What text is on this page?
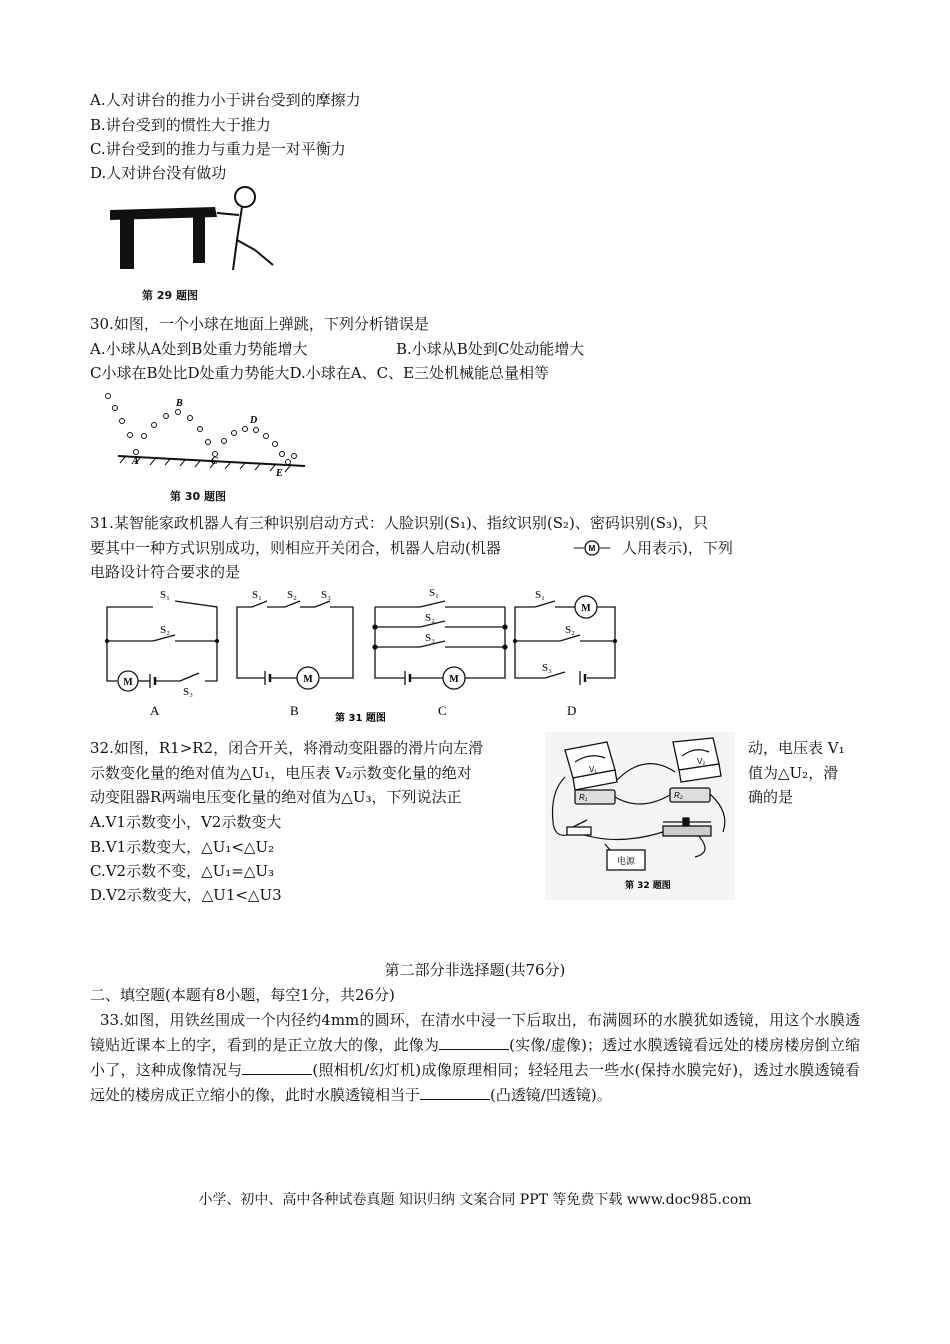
A.人对讲台的推力小于讲台受到的摩擦力
B.讲台受到的惯性大于推力
C.讲台受到的推力与重力是一对平衡力
D.人对讲台没有做功
第 29 题图
30.如图，一个小球在地面上弹跳，下列分析错误是
A.小球从A处到B处重力势能增大	B.小球从B处到C处动能增大
C小球在B处比D处重力势能大D.小球在A、C、E三处机械能总量相等
A
B
C
D
E
第 30 题图
31.某智能家政机器人有三种识别启动方式：人脸识别(S₁)、指纹识别(S₂)、密码识别(S₃)，只
要其中一种方式识别成功，则相应开关闭合，机器人启动(机器	M 人用表示)，下列
电路设计符合要求的是
S₁
S₂
S₃
M
A
S₁ S₂ S₃
M
B
S₁
S₂
S₃
M
C
S₁
S₂
S₃
M
D
第 31 题图
32.如图，R1>R2，闭合开关，将滑动变阻器的滑片向左滑	动，电压表 V₁
示数变化量的绝对值为△U₁，电压表 V₂示数变化量的绝对	值为△U₂，滑
动变阻器R两端电压变化量的绝对值为△U₃，下列说法正	确的是
A.V1示数变小，V2示数变大
B.V1示数变大，△U₁<△U₂
C.V2示数不变，△U₁=△U₃
D.V2示数变大，△U1<△U3
V₁
V₂
R₁	R₂
电源
第 32 题图
第二部分非选择题(共76分)
二、填空题(本题有8小题，每空1分，共26分)
33.如图，用铁丝围成一个内径约4mm的圆环，在清水中浸一下后取出，布满圆环的水膜犹如透镜，用这个水膜透镜贴近课本上的字，看到的是正立放大的像，此像为	(实像/虚像)；透过水膜透镜看远处的楼房楼房倒立缩小了，这种成像情况与	(照相机/幻灯机)成像原理相同；轻轻甩去一些水(保持水膜完好)，透过水膜透镜看远处的楼房成正立缩小的像，此时水膜透镜相当于	(凸透镜/凹透镜)。
小学、初中、高中各种试卷真题 知识归纳 文案合同 PPT 等免费下载 www.doc985.com
